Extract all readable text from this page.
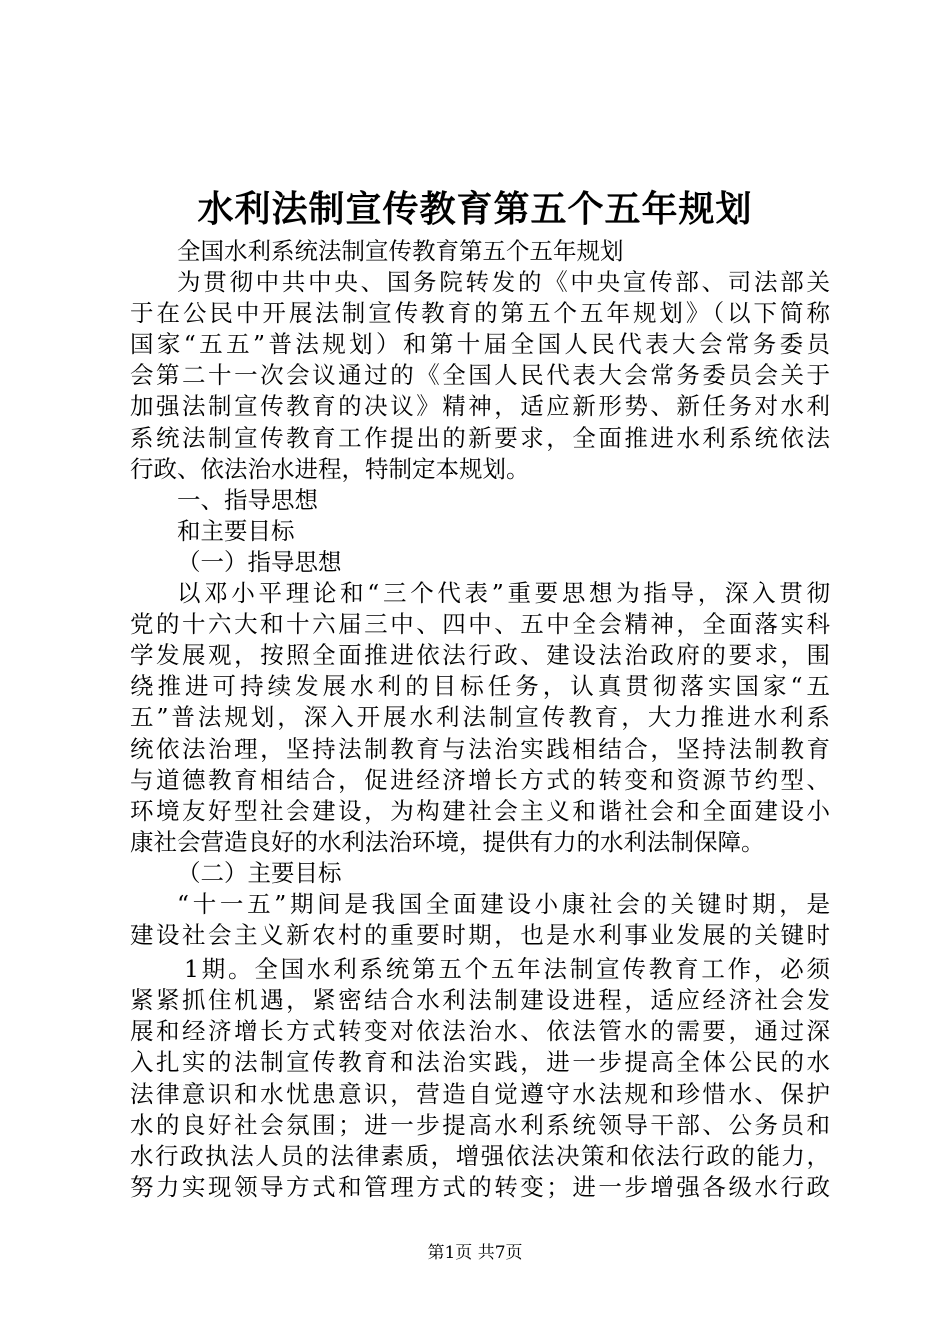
水利法制宣传教育第五个五年规划
全国水利系统法制宣传教育第五个五年规划
为贯彻中共中央、国务院转发的《中央宣传部、司法部关
于在公民中开展法制宣传教育的第五个五年规划》（以下简称
国家“五五”普法规划）和第十届全国人民代表大会常务委员
会第二十一次会议通过的《全国人民代表大会常务委员会关于
加强法制宣传教育的决议》精神，适应新形势、新任务对水利
系统法制宣传教育工作提出的新要求，全面推进水利系统依法
行政、依法治水进程，特制定本规划。
一、指导思想
和主要目标
（一）指导思想
以邓小平理论和“三个代表”重要思想为指导，深入贯彻
党的十六大和十六届三中、四中、五中全会精神，全面落实科
学发展观，按照全面推进依法行政、建设法治政府的要求，围
绕推进可持续发展水利的目标任务，认真贯彻落实国家“五
五”普法规划，深入开展水利法制宣传教育，大力推进水利系
统依法治理，坚持法制教育与法治实践相结合，坚持法制教育
与道德教育相结合，促进经济增长方式的转变和资源节约型、
环境友好型社会建设，为构建社会主义和谐社会和全面建设小
康社会营造良好的水利法治环境，提供有力的水利法制保障。
（二）主要目标
“十一五”期间是我国全面建设小康社会的关键时期，是
建设社会主义新农村的重要时期，也是水利事业发展的关键时
1期。全国水利系统第五个五年法制宣传教育工作，必须
紧紧抓住机遇，紧密结合水利法制建设进程，适应经济社会发
展和经济增长方式转变对依法治水、依法管水的需要，通过深
入扎实的法制宣传教育和法治实践，进一步提高全体公民的水
法律意识和水忧患意识，营造自觉遵守水法规和珍惜水、保护
水的良好社会氛围；进一步提高水利系统领导干部、公务员和
水行政执法人员的法律素质，增强依法决策和依法行政的能力，
努力实现领导方式和管理方式的转变；进一步增强各级水行政
第1页 共7页
